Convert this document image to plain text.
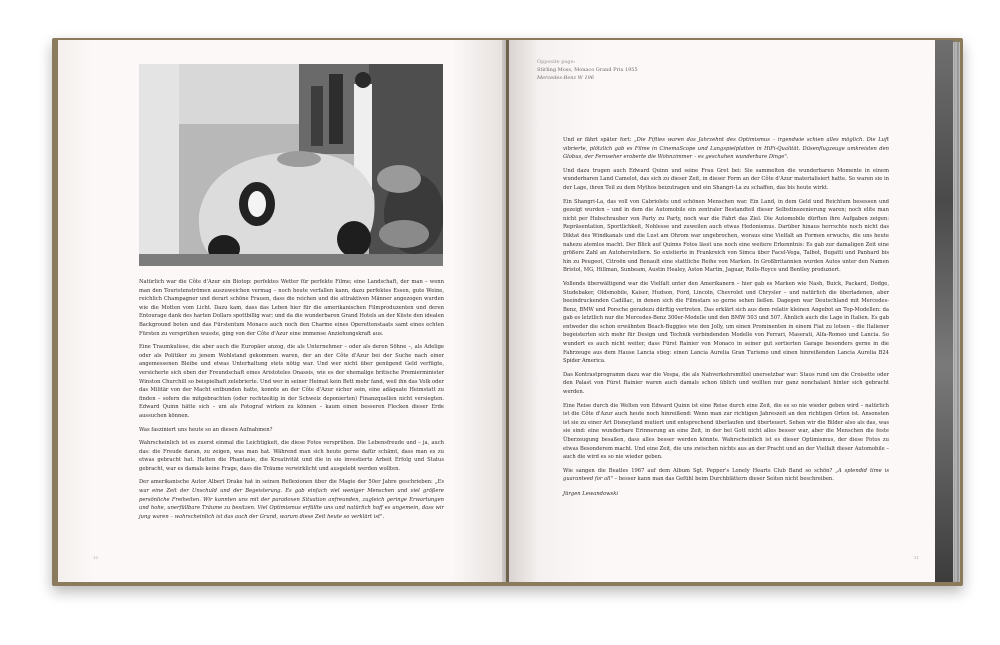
Natürlich war die Côte d'Azur ein Biotop: perfektes Wetter für perfekte Filme; eine Landschaft, der man – wenn man den Touristenströmen auszuweichen vermag – noch heute verfallen kann, dazu perfektes Essen, gute Weine, reichlich Champagner und derart schöne Frauen, dass die reichen und die attraktiven Männer angezogen wurden wie die Motten vom Licht. Dazu kam, dass das Leben hier für die amerikanischen Filmproduzenten und deren Entourage dank des harten Dollars spottbillig war; und da die wunderbaren Grand Hotels an der Küste den idealen Background boten und das Fürstentum Monaco auch noch den Charme eines Operettenstaats samt eines echten Fürsten zu versprühen wusste, ging von der Côte d'Azur eine immense Anziehungskraft aus.

Eine Traumkulisse, die aber auch die Europäer anzog, die als Unternehmer – oder als deren Söhne –, als Adelige oder als Politiker zu jenem Wohlstand gekommen waren, der an der Côte d'Azur bei der Suche nach einer angemessenen Bleibe und etwas Unterhaltung stets nötig war. Und wer nicht über genügend Geld verfügte, versicherte sich eben der Freundschaft eines Aristoteles Onassis, wie es der ehemalige britische Premierminister Winston Churchill so beispielhaft zelebrierte. Und wer in seiner Heimat kein Bett mehr fand, weil ihn das Volk oder das Militär von der Macht entbunden hatte, konnte an der Côte d'Azur sicher sein, eine adäquate Heimstatt zu finden – sofern die mitgebrachten (oder rechtzeitig in der Schweiz deponierten) Finanzquellen nicht versiegten. Edward Quinn hätte sich – um als Fotograf wirken zu können – kaum einen besseren Flecken dieser Erde aussuchen können.

Was fasziniert uns heute so an diesen Aufnahmen?

Wahrscheinlich ist es zuerst einmal die Leichtigkeit, die diese Fotos versprühen. Die Lebensfreude und – ja, auch das: die Freude daran, zu zeigen, was man hat. Während man sich heute gerne dafür schämt, dass man es zu etwas gebracht hat. Hatten die Phantasie, die Kreativität und die in sie investierte Arbeit Erfolg und Status gebracht, war es damals keine Frage, dass die Träume verwirklicht und ausgelebt werden wollten.

Der amerikanische Autor Albert Drake hat in seinen Reflexionen über die Magie der 50er Jahre geschrieben: „Es war eine Zeit der Unschuld und der Begeisterung. Es gab einfach viel weniger Menschen und viel größere persönliche Freiheiten. Wir kannten uns mit der paradoxen Situation anfreunden, zugleich geringe Erwartungen und hohe, unerfüllbare Träume zu besitzen. Viel Optimismus erfüllte uns und natürlich hoff es ungemein, dass wir jung waren – wahrscheinlich ist das auch der Grund, warum diese Zeit heute so verklärt ist".

10
Opposite page:
Stirling Moss, Monaco Grand Prix 1955
Mercedes-Benz W 196

Und er fährt später fort: „Die Fifties waren das Jahrzehnt des Optimismus – irgendwie schien alles möglich. Die Luft vibrierte, plötzlich gab es Filme in CinemaScope und Langspielplatten in HiFi-Qualität. Düsenflugzeuge umkreisten den Globus, der Fernseher eroberte die Wohnzimmer – es geschahen wunderbare Dinge".

Und dazu trugen auch Edward Quinn und seine Frau Gret bei: Sie sammelten die wunderbaren Momente in einem wunderbaren Land Camelot, das sich zu dieser Zeit, in dieser Form an der Côte d'Azur materialisiert hatte. So waren sie in der Lage, ihren Teil zu dem Mythos beizutragen und ein Shangri-La zu schaffen, das bis heute wirkt.

Ein Shangri-La, das voll von Cabriolets und schönen Menschen war. Ein Land, in dem Geld und Reichtum besessen und gezeigt wurden – und in dem die Automobile ein zentraler Bestandteil dieser Selbstinszenierung waren; noch elite man nicht per Hubschrauber von Party zu Party, noch war die Fahrt das Ziel. Die Automobile dürften ihre Aufgaben zeigen: Repräsentation, Sportlichkeit, Noblesse und zuweilen auch etwas Hedonismus. Darüber hinaus herrschte noch nicht das Diktat des Windkanals und die Lust am Ohrom war ungebrochen, woraus eine Vielfalt an Formen erwuchs, die uns heute nahezu atemlos macht. Der Blick auf Quinns Fotos lässt uns noch eine weitere Erkenntnis: Es gab zur damaligen Zeit eine größere Zahl an Autoherstellern. So existierte in Frankreich von Simca über Facel-Vega, Talbot, Bugatti und Panhard bis hin zu Peugeot, Citroën und Renault eine stattliche Reihe von Marken. In Großbritannien wurden Autos unter den Namen Bristol, MG, Hillman, Sunbeam, Austin Healey, Aston Martin, Jaguar, Rolls-Royce und Bentley produziert.

Vollends überwältigend war die Vielfalt unter den Amerikanern – hier gab es Marken wie Nash, Buick, Packard, Dodge, Studebaker, Oldsmobile, Kaiser, Hudson, Ford, Lincoln, Chevrolet und Chrysler – und natürlich die überladenen, aber beeindruckenden Cadillac, in denen sich die Filmstars so gerne sehen ließen. Dagegen war Deutschland mit Mercedes-Benz, BMW und Porsche geradezu dürftig vertreten. Das erklärt sich aus dem relativ kleinen Angebot an Top-Modellen: da gab es letztlich nur die Mercedes-Benz 300er-Modelle und den BMW 503 und 507. Ähnlich auch die Lage in Italien. Es gab entweder die schon erwähnten Beach-Buggies wie den Jolly, um einen Prominenten in einem Fiat zu lotsen – die Italiener begeisterten sich mehr für Design und Technik verbindenden Modelle von Ferrari, Maserati, Alfa-Romeo und Lancia. So wundert es auch nicht weiter, dass Fürst Rainier von Monaco in seiner gut sortierten Garage besonders gerne in die Fahrzeuge aus dem Hause Lancia stieg: einen Lancia Aurelia Gran Turismo und einen hinreißenden Lancia Aurelia B24 Spider America.

Das Kontrastprogramm dazu war die Vespa, die als Nahverkehrsmittel unersetzbar war: Staus rund um die Croisette oder den Palast von Fürst Rainier waren auch damals schon üblich und wollten nur ganz nonchalant hinter sich gebracht werden.

Eine Reise durch die Welten von Edward Quinn ist eine Reise durch eine Zeit, die es so nie wieder geben wird – natürlich ist die Côte d'Azur auch heute noch hinreißend: Wenn man zur richtigen Jahreszeit an den richtigen Orten ist. Ansonsten ist sie zu einer Art Disneyland mutiert und entsprechend überlaufen und überteuert. Sehen wir die Bilder also als das, was sie sind: eine wunderbare Erinnerung an eine Zeit, in der bei Gott nicht alles besser war, aber die Menschen die feste Überzeugung besaßen, dass alles besser werden könnte. Wahrscheinlich ist es dieser Optimismus, der diese Fotos zu etwas Besonderem macht. Und eine Zeit, die uns zwischen nichts aus an der Pracht und an der Vielfalt dieser Automobile – auch die wird es so nie wieder geben.

Wie sangen die Beatles 1967 auf dem Album Sgt. Pepper's Lonely Hearts Club Band so schön? „A splendid time is guaranteed for all" – besser kann man das Gefühl beim Durchblättern dieser Seiten nicht beschreiben.

Jürgen Lewandowski

11
